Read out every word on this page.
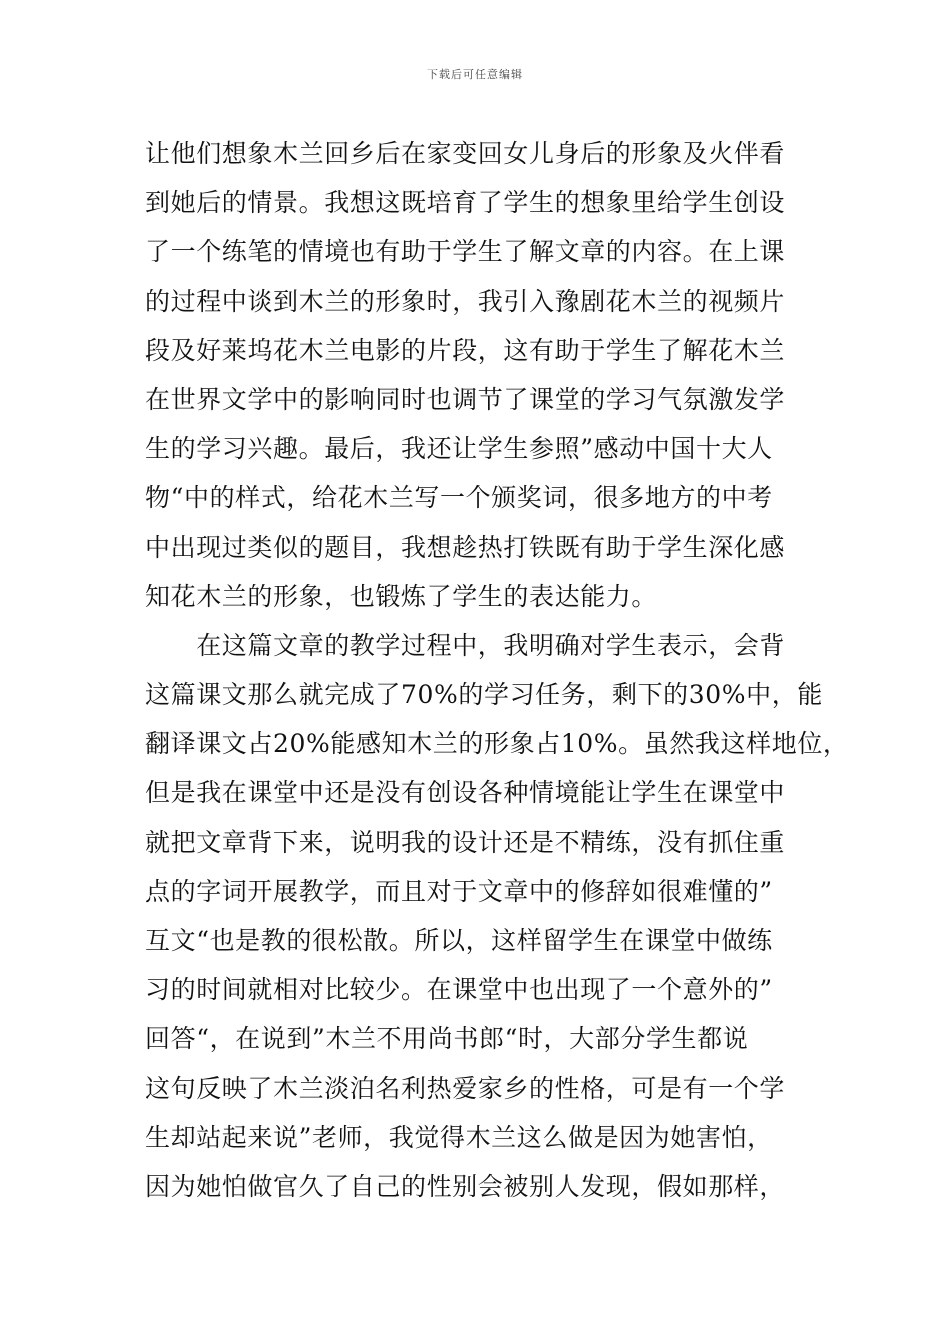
下载后可任意编辑
让他们想象木兰回乡后在家变回女儿身后的形象及火伴看
到她后的情景。我想这既培育了学生的想象里给学生创设
了一个练笔的情境也有助于学生了解文章的内容。在上课
的过程中谈到木兰的形象时，我引入豫剧花木兰的视频片
段及好莱坞花木兰电影的片段，这有助于学生了解花木兰
在世界文学中的影响同时也调节了课堂的学习气氛激发学
生的学习兴趣。最后，我还让学生参照”感动中国十大人
物“中的样式，给花木兰写一个颁奖词，很多地方的中考
中出现过类似的题目，我想趁热打铁既有助于学生深化感
知花木兰的形象，也锻炼了学生的表达能力。
　　在这篇文章的教学过程中，我明确对学生表示，会背
这篇课文那么就完成了70%的学习任务，剩下的30%中，能
翻译课文占20%能感知木兰的形象占10%。虽然我这样地位，
但是我在课堂中还是没有创设各种情境能让学生在课堂中
就把文章背下来，说明我的设计还是不精练，没有抓住重
点的字词开展教学，而且对于文章中的修辞如很难懂的”
互文“也是教的很松散。所以，这样留学生在课堂中做练
习的时间就相对比较少。在课堂中也出现了一个意外的”
回答“，在说到”木兰不用尚书郎“时，大部分学生都说
这句反映了木兰淡泊名利热爱家乡的性格，可是有一个学
生却站起来说”老师，我觉得木兰这么做是因为她害怕，
因为她怕做官久了自己的性别会被别人发现，假如那样，
